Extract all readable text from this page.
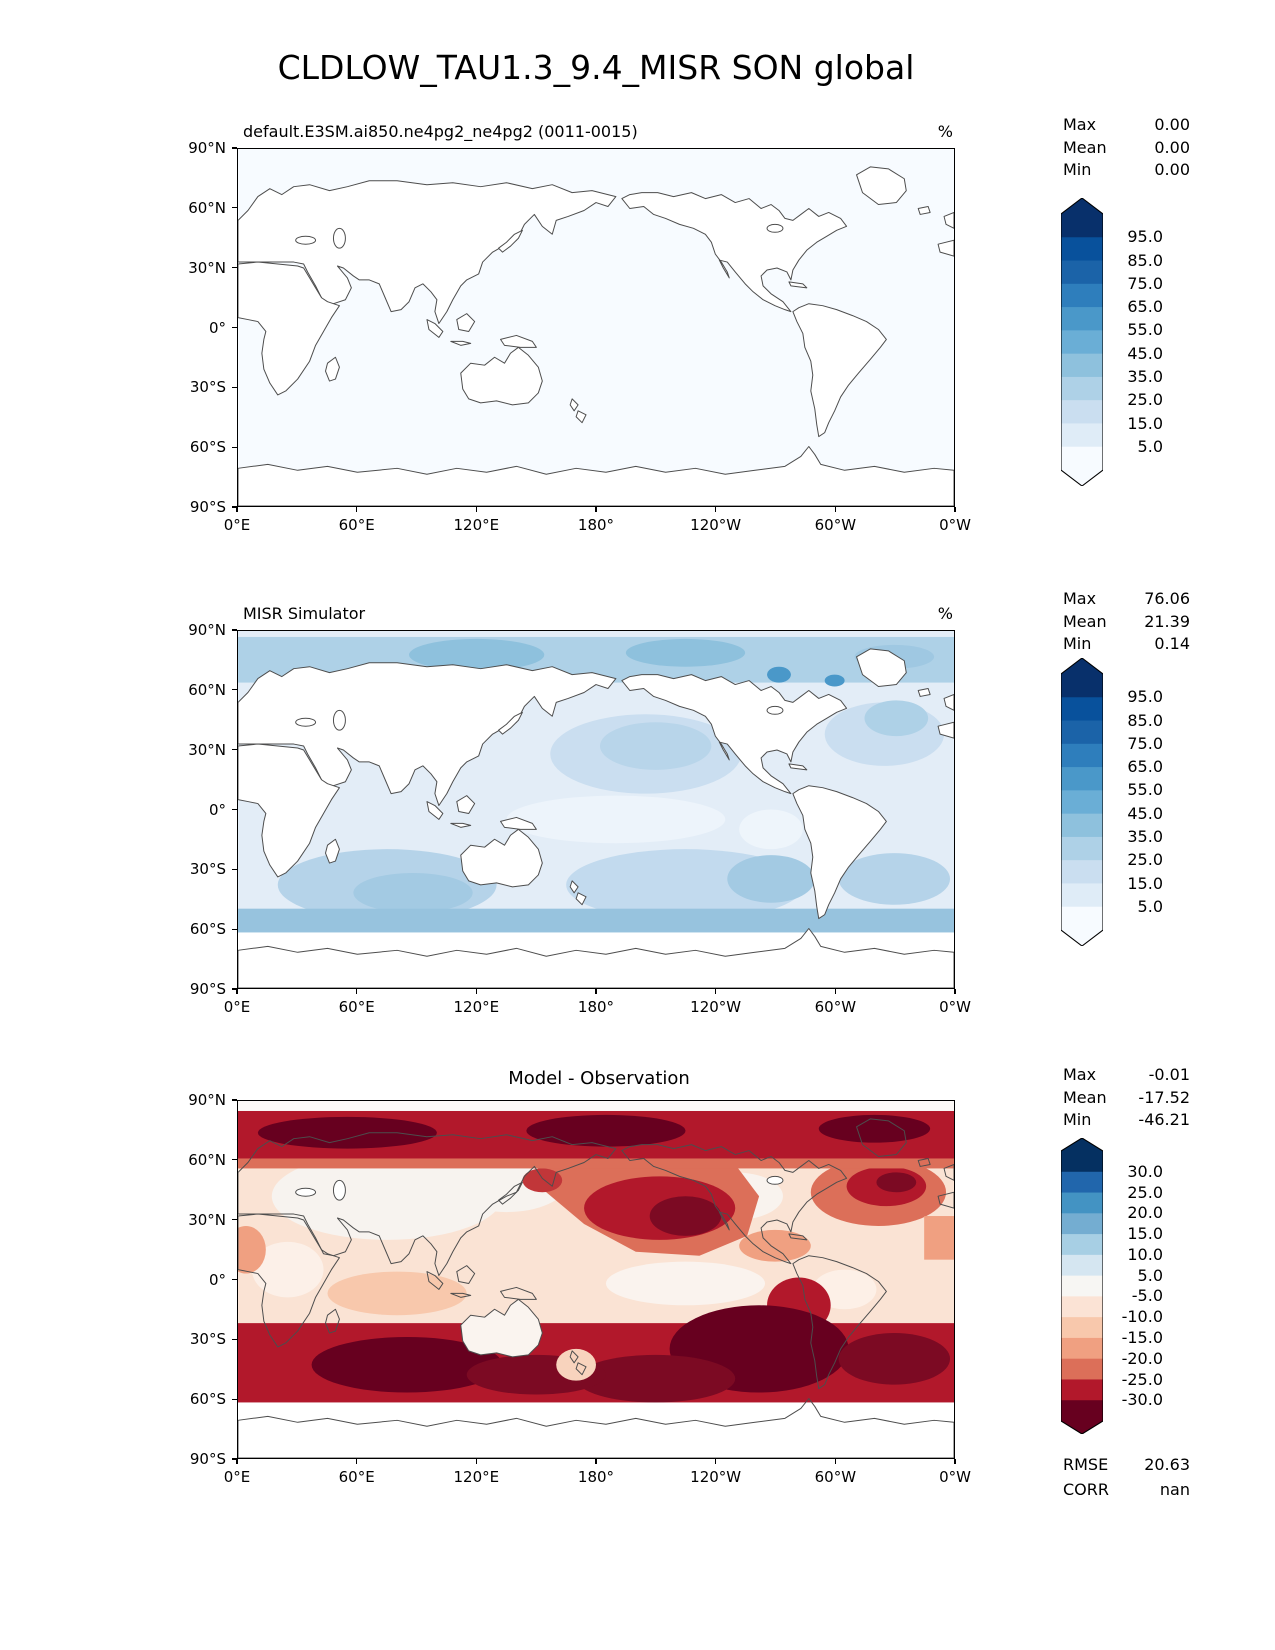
CLDLOW_TAU1.3_9.4_MISR SON global
default.E3SM.ai850.ne4pg2_ne4pg2 (0011-0015)	%	Max	0.00
Mean	0.00
Min	0.00
MISR Simulator	%
Max	76.06
Mean 21.39
Min	0.14
Model - Observation	Max	-0.01
Mean -17.52
Min	-46.21
RMSE 20.63
CORR	nan
0°E
90°N
60°E
60°N
120°E
30°N
180°
0°
120°W
30°S
60°W
60°S
0°W
90°S
95.0
85.0
75.0
65.0
55.0
45.0
35.0
25.0
15.0
5.0
0°E
90°N
60°E
60°N
120°E
30°N
180°
0°
120°W
30°S
60°W
60°S
0°W
90°S
95.0
85.0
75.0
65.0
55.0
45.0
35.0
25.0
15.0
5.0
0°E
90°N
60°E
60°N
120°E
30°N
180°
0°
120°W
30°S
60°W
60°S
0°W
90°S
30.0
25.0
20.0
15.0
10.0
5.0
-5.0
-10.0
-15.0
-20.0
-25.0
-30.0
